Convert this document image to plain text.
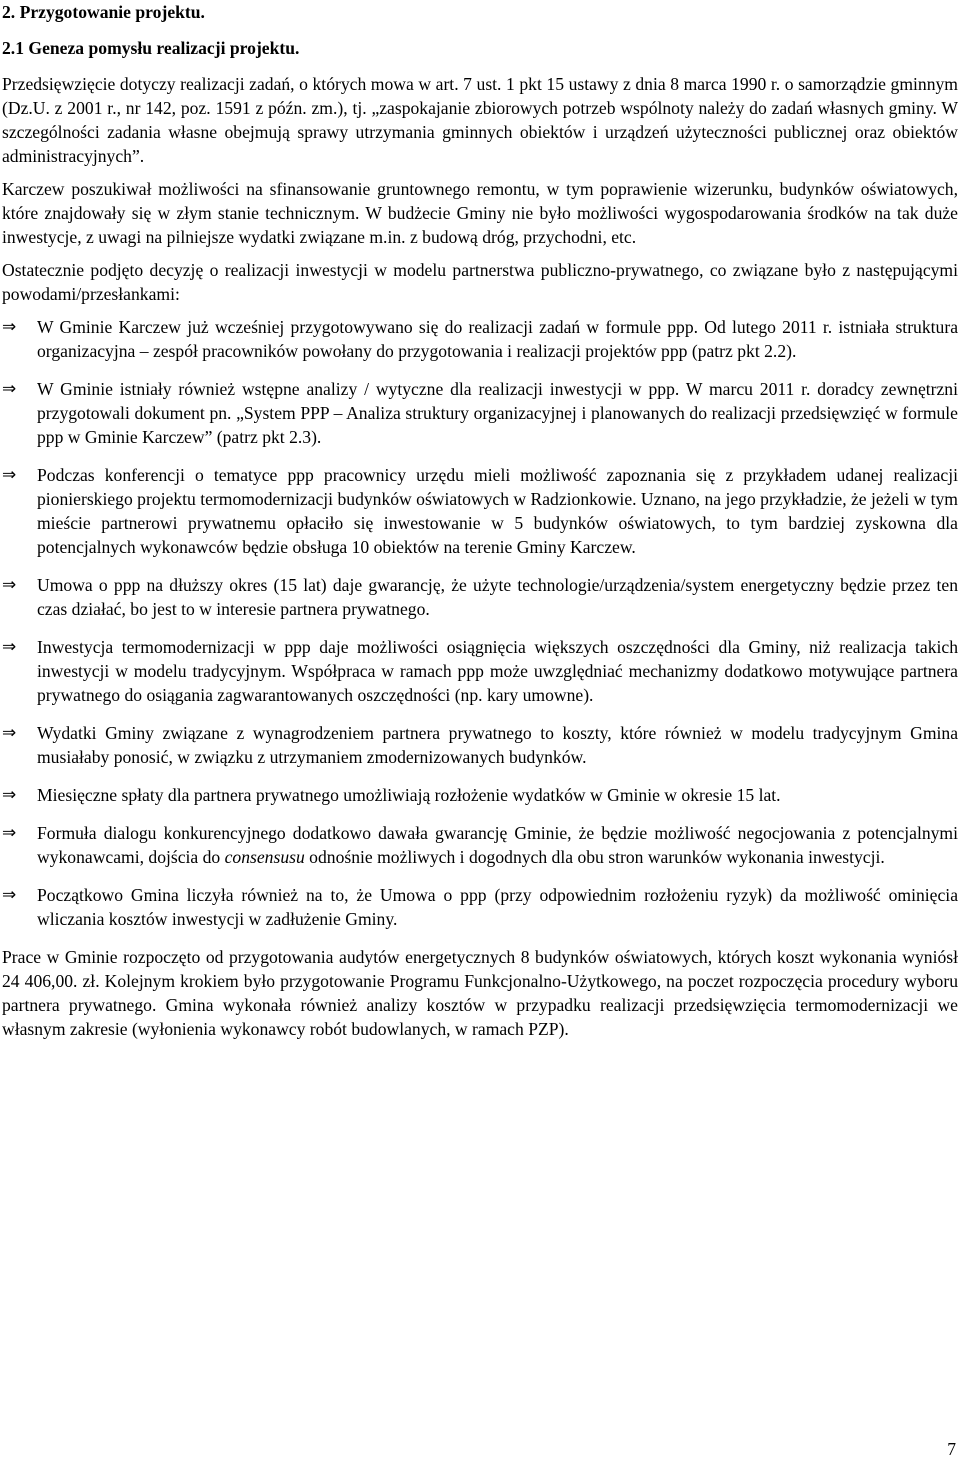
2. Przygotowanie projektu.
2.1 Geneza pomysłu realizacji projektu.

Przedsięwzięcie dotyczy realizacji zadań, o których mowa w art. 7 ust. 1 pkt 15 ustawy z dnia 8 marca 1990 r. o samorządzie gminnym (Dz.U. z 2001 r., nr 142, poz. 1591 z późn. zm.), tj. „zaspokajanie zbiorowych potrzeb wspólnoty należy do zadań własnych gminy. W szczególności zadania własne obejmują sprawy utrzymania gminnych obiektów i urządzeń użyteczności publicznej oraz obiektów administracyjnych”.

Karczew poszukiwał możliwości na sfinansowanie gruntownego remontu, w tym poprawienie wizerunku, budynków oświatowych, które znajdowały się w złym stanie technicznym. W budżecie Gminy nie było możliwości wygospodarowania środków na tak duże inwestycje, z uwagi na pilniejsze wydatki związane m.in. z budową dróg, przychodni, etc.

Ostatecznie podjęto decyzję o realizacji inwestycji w modelu partnerstwa publiczno-prywatnego, co związane było z następującymi powodami/przesłankami:

⇒	W Gminie Karczew już wcześniej przygotowywano się do realizacji zadań w formule ppp. Od lutego 2011 r. istniała struktura organizacyjna – zespół pracowników powołany do przygotowania i realizacji projektów ppp (patrz pkt 2.2).
⇒	W Gminie istniały również wstępne analizy / wytyczne dla realizacji inwestycji w ppp. W marcu 2011 r. doradcy zewnętrzni przygotowali dokument pn. „System PPP – Analiza struktury organizacyjnej i planowanych do realizacji przedsięwzięć w formule ppp w Gminie Karczew” (patrz pkt 2.3).
⇒	Podczas konferencji o tematyce ppp pracownicy urzędu mieli możliwość zapoznania się z przykładem udanej realizacji pionierskiego projektu termomodernizacji budynków oświatowych w Radzionkowie. Uznano, na jego przykładzie, że jeżeli w tym mieście partnerowi prywatnemu opłaciło się inwestowanie w 5 budynków oświatowych, to tym bardziej zyskowna dla potencjalnych wykonawców będzie obsługa 10 obiektów na terenie Gminy Karczew.
⇒	Umowa o ppp na dłuższy okres (15 lat) daje gwarancję, że użyte technologie/urządzenia/system energetyczny będzie przez ten czas działać, bo jest to w interesie partnera prywatnego.
⇒	Inwestycja termomodernizacji w ppp daje możliwości osiągnięcia większych oszczędności dla Gminy, niż realizacja takich inwestycji w modelu tradycyjnym. Współpraca w ramach ppp może uwzględniać mechanizmy dodatkowo motywujące partnera prywatnego do osiągania zagwarantowanych oszczędności (np. kary umowne).
⇒	Wydatki Gminy związane z wynagrodzeniem partnera prywatnego to koszty, które również w modelu tradycyjnym Gmina musiałaby ponosić, w związku z utrzymaniem zmodernizowanych budynków.
⇒	Miesięczne spłaty dla partnera prywatnego umożliwiają rozłożenie wydatków w Gminie w okresie 15 lat.
⇒	Formuła dialogu konkurencyjnego dodatkowo dawała gwarancję Gminie, że będzie możliwość negocjowania z potencjalnymi wykonawcami, dojścia do consensusu odnośnie możliwych i dogodnych dla obu stron warunków wykonania inwestycji.
⇒	Początkowo Gmina liczyła również na to, że Umowa o ppp (przy odpowiednim rozłożeniu ryzyk) da możliwość ominięcia wliczania kosztów inwestycji w zadłużenie Gminy.

Prace w Gminie rozpoczęto od przygotowania audytów energetycznych 8 budynków oświatowych, których koszt wykonania wyniósł 24 406,00. zł. Kolejnym krokiem było przygotowanie Programu Funkcjonalno-Użytkowego, na poczet rozpoczęcia procedury wyboru partnera prywatnego. Gmina wykonała również analizy kosztów w przypadku realizacji przedsięwzięcia termomodernizacji we własnym zakresie (wyłonienia wykonawcy robót budowlanych, w ramach PZP).

7
